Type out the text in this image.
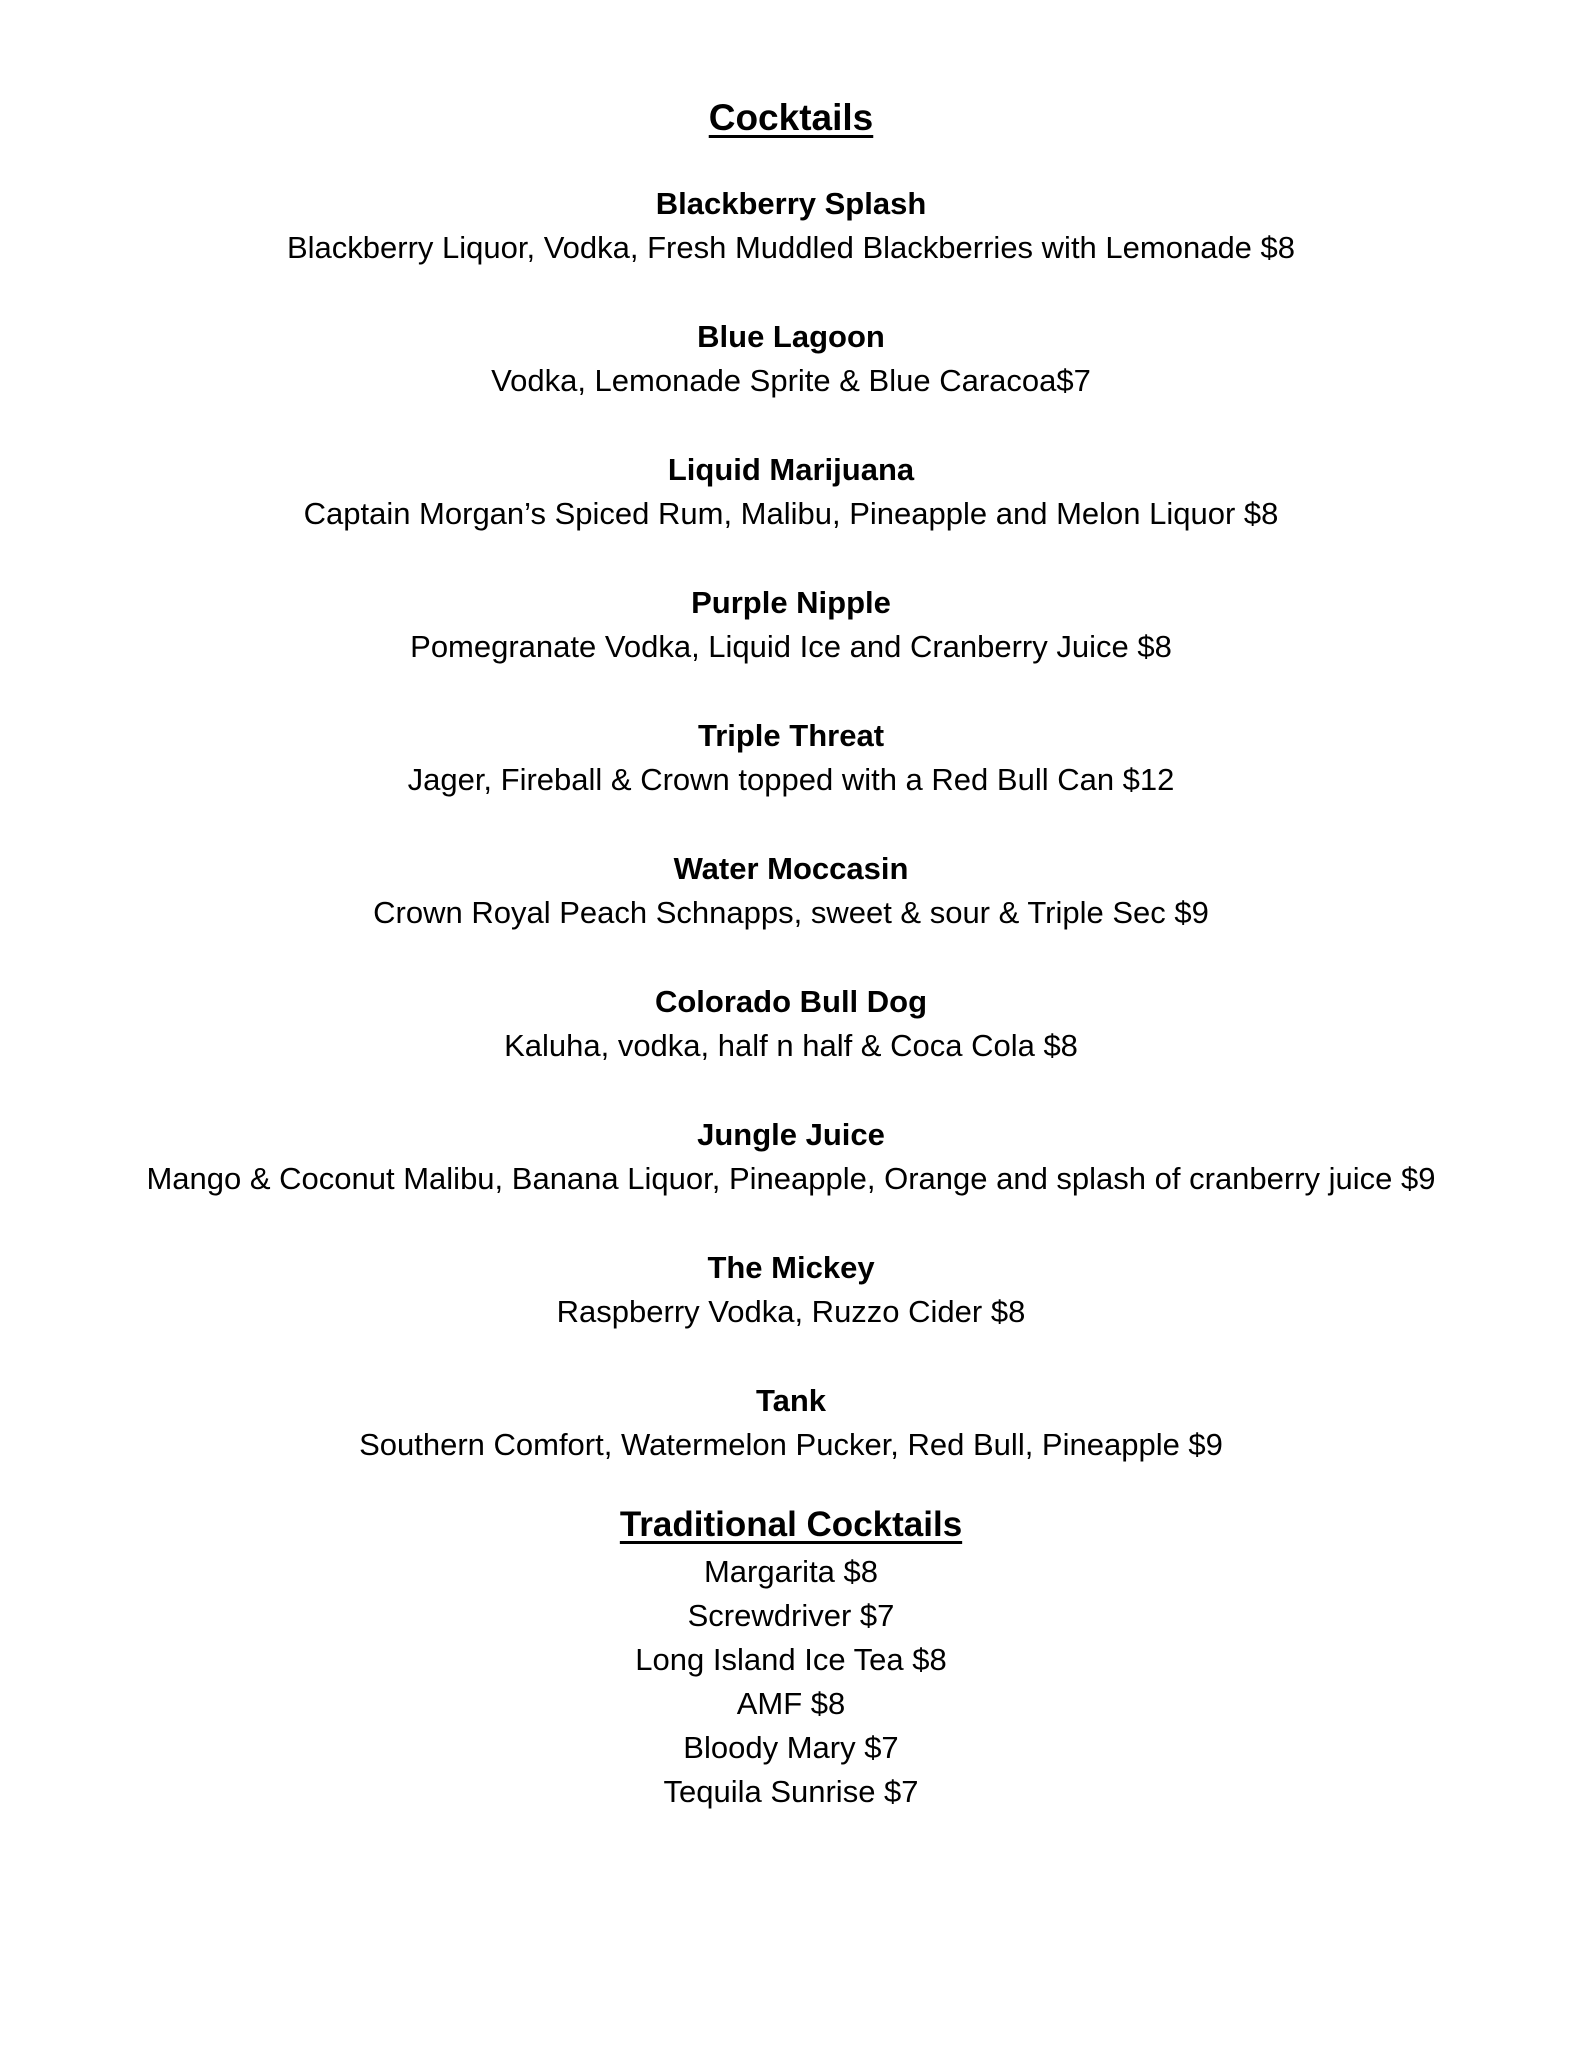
Cocktails

Blackberry Splash

Blackberry Liquor, Vodka, Fresh Muddled Blackberries with Lemonade $8

Blue Lagoon

Vodka, Lemonade Sprite & Blue Caracoa$7

Liquid Marijuana

Captain Morgan’s Spiced Rum, Malibu, Pineapple and Melon Liquor $8

Purple Nipple

Pomegranate Vodka, Liquid Ice and Cranberry Juice $8

Triple Threat

Jager, Fireball & Crown topped with a Red Bull Can $12

Water Moccasin

Crown Royal Peach Schnapps, sweet & sour & Triple Sec $9

Colorado Bull Dog

Kaluha, vodka, half n half & Coca Cola $8

Jungle Juice

Mango & Coconut Malibu, Banana Liquor, Pineapple, Orange and splash of cranberry juice $9

The Mickey

Raspberry Vodka, Ruzzo Cider $8

Tank

Southern Comfort, Watermelon Pucker, Red Bull, Pineapple $9

Traditional Cocktails

Margarita $8

Screwdriver $7

Long Island Ice Tea $8

AMF $8

Bloody Mary $7

Tequila Sunrise $7
